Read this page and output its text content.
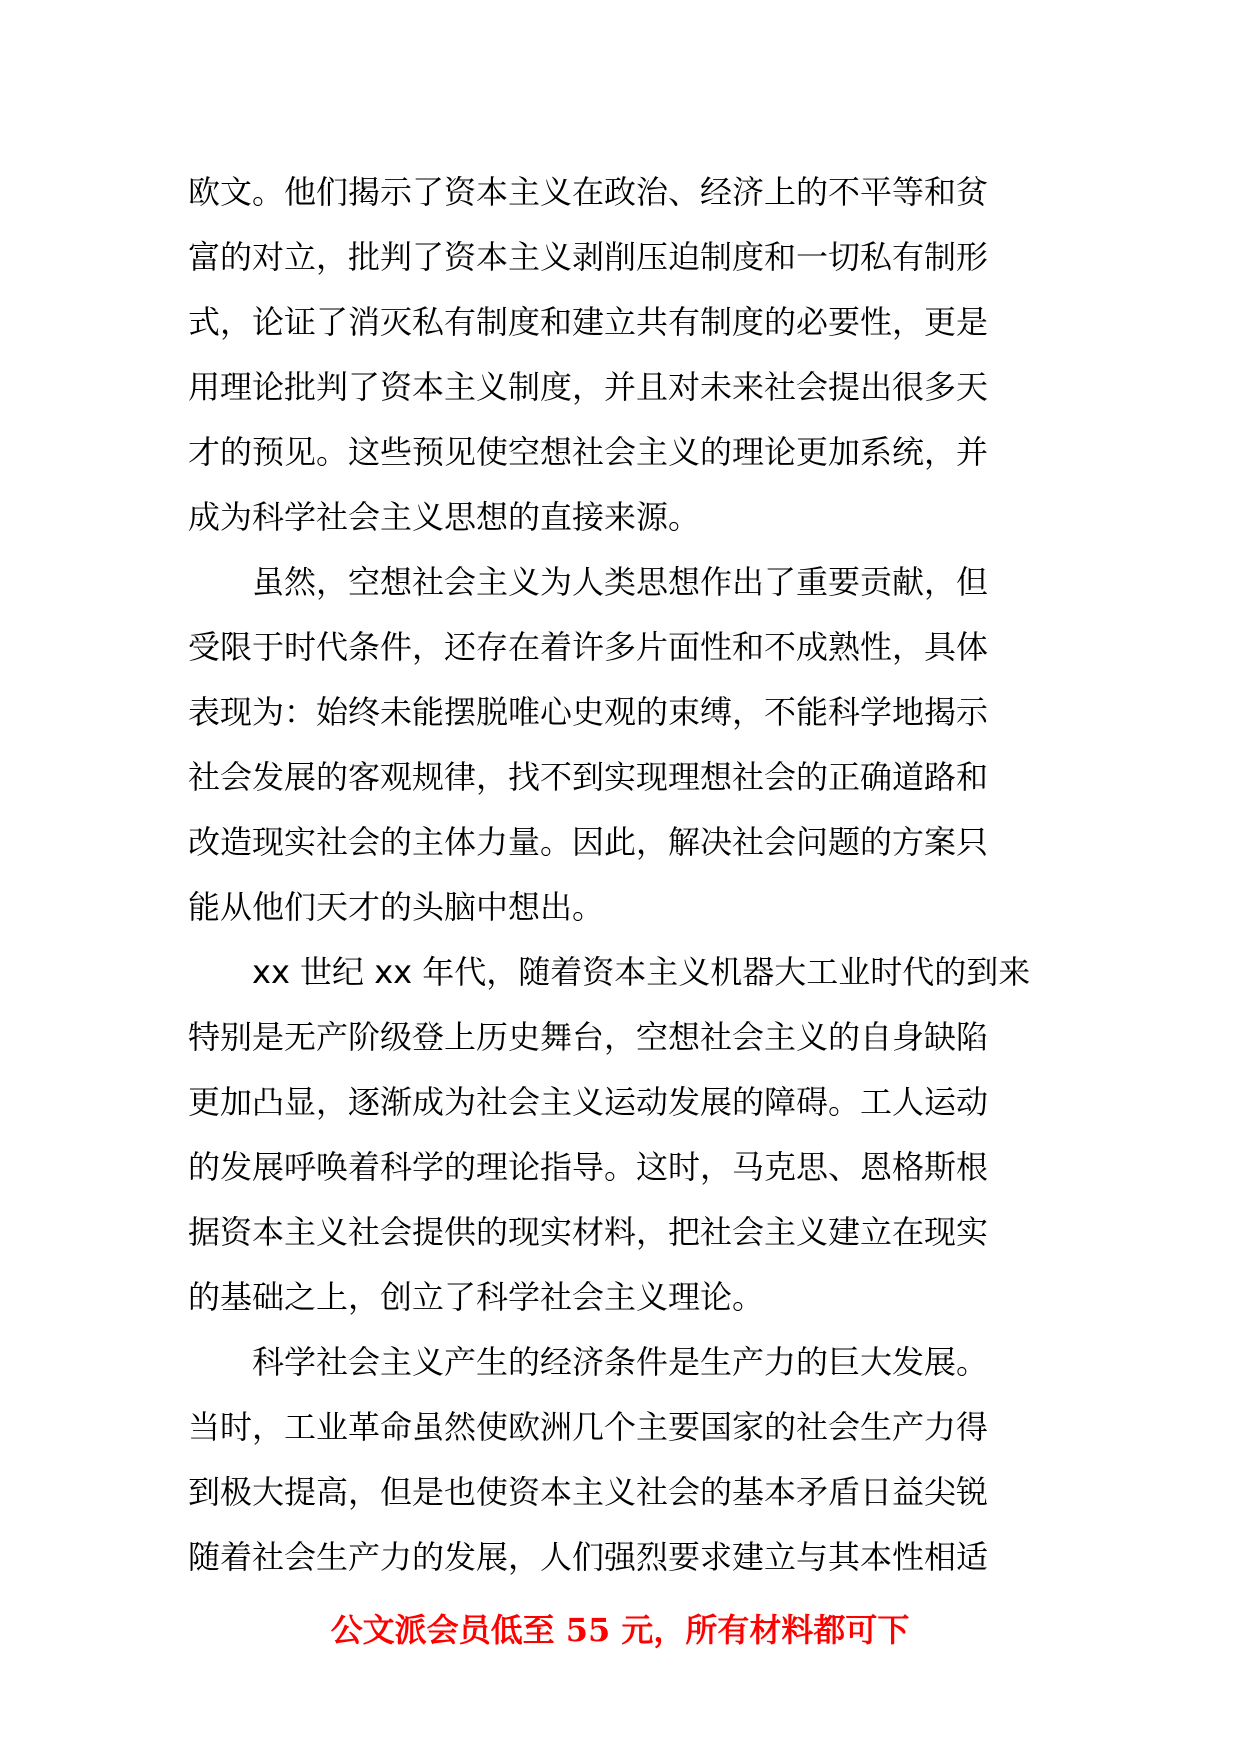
欧文。他们揭示了资本主义在政治、经济上的不平等和贫
富的对立，批判了资本主义剥削压迫制度和一切私有制形
式，论证了消灭私有制度和建立共有制度的必要性，更是
用理论批判了资本主义制度，并且对未来社会提出很多天
才的预见。这些预见使空想社会主义的理论更加系统，并
成为科学社会主义思想的直接来源。
虽然，空想社会主义为人类思想作出了重要贡献，但
受限于时代条件，还存在着许多片面性和不成熟性，具体
表现为：始终未能摆脱唯心史观的束缚，不能科学地揭示
社会发展的客观规律，找不到实现理想社会的正确道路和
改造现实社会的主体力量。因此，解决社会问题的方案只
能从他们天才的头脑中想出。
xx 世纪 xx 年代，随着资本主义机器大工业时代的到来
特别是无产阶级登上历史舞台，空想社会主义的自身缺陷
更加凸显，逐渐成为社会主义运动发展的障碍。工人运动
的发展呼唤着科学的理论指导。这时，马克思、恩格斯根
据资本主义社会提供的现实材料，把社会主义建立在现实
的基础之上，创立了科学社会主义理论。
科学社会主义产生的经济条件是生产力的巨大发展。
当时，工业革命虽然使欧洲几个主要国家的社会生产力得
到极大提高，但是也使资本主义社会的基本矛盾日益尖锐
随着社会生产力的发展，人们强烈要求建立与其本性相适
公文派会员低至 55 元，所有材料都可下
